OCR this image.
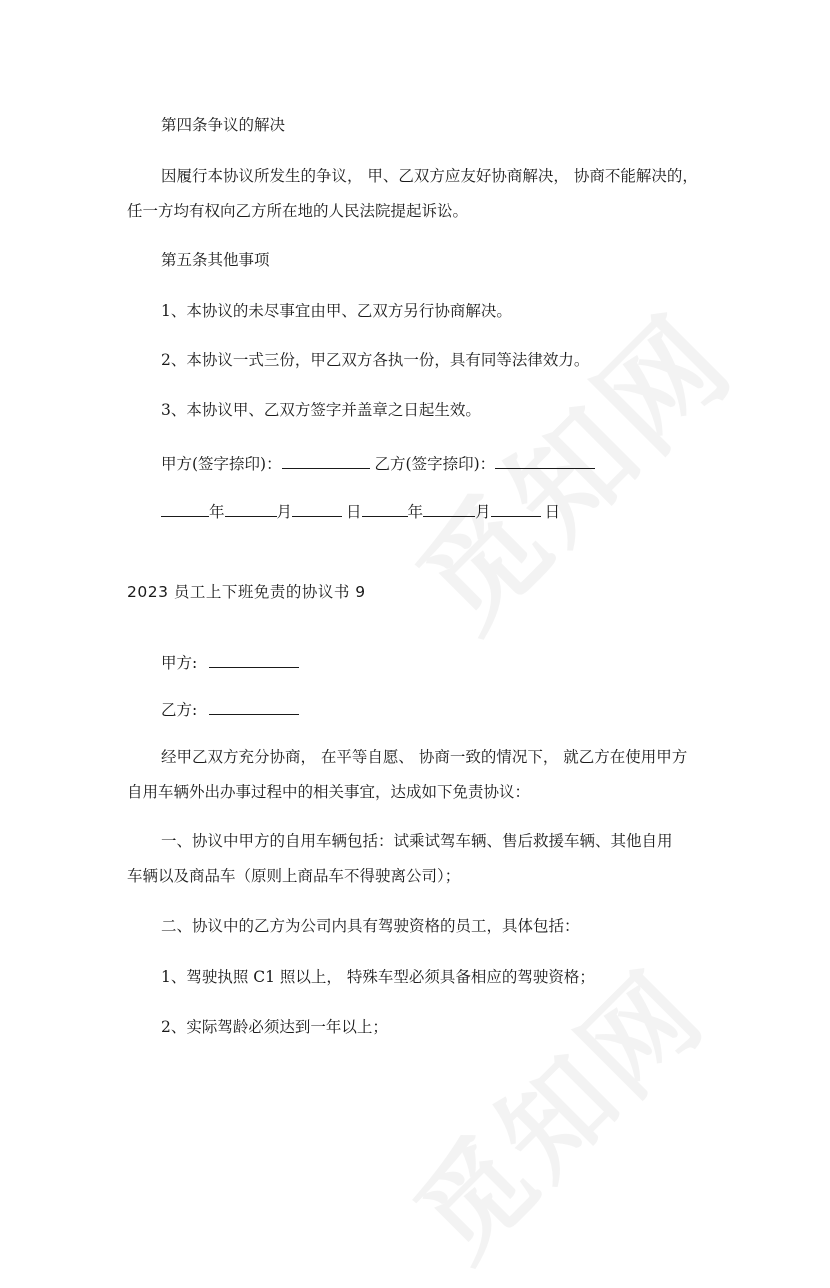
第四条争议的解决
因履行本协议所发生的争议， 甲、乙双方应友好协商解决， 协商不能解决的，
任一方均有权向乙方所在地的人民法院提起诉讼。
第五条其他事项
1、本协议的未尽事宜由甲、乙双方另行协商解决。
2、本协议一式三份，甲乙双方各执一份，具有同等法律效力。
3、本协议甲、乙双方签字并盖章之日起生效。
甲方(签字捺印)：	乙方(签字捺印)：
年	月	日	年	月	日
2023 员工上下班免责的协议书 9
甲方:
乙方:
经甲乙双方充分协商， 在平等自愿、 协商一致的情况下， 就乙方在使用甲方
自用车辆外出办事过程中的相关事宜，达成如下免责协议：
一、协议中甲方的自用车辆包括：试乘试驾车辆、售后救援车辆、其他自用
车辆以及商品车（原则上商品车不得驶离公司）；
二、协议中的乙方为公司内具有驾驶资格的员工，具体包括：
1、驾驶执照 C1 照以上， 特殊车型必须具备相应的驾驶资格；
2、实际驾龄必须达到一年以上；
